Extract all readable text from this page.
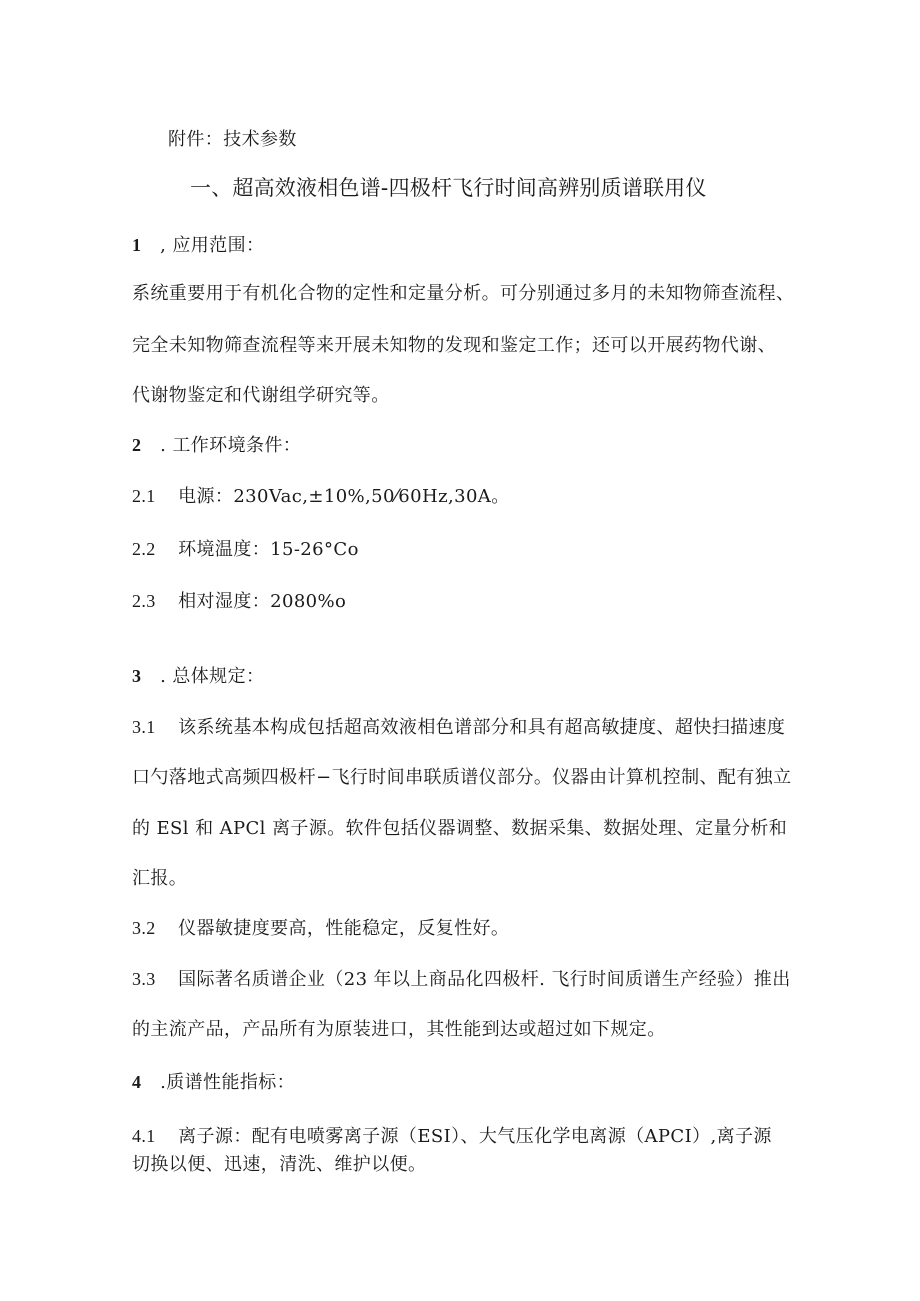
附件：技术参数
一、超高效液相色谱-四极杆飞行时间高辨别质谱联用仪
1 , 应用范围：
系统重要用于有机化合物的定性和定量分析。可分别通过多月的未知物筛查流程、
完全未知物筛查流程等来开展未知物的发现和鉴定工作；还可以开展药物代谢、
代谢物鉴定和代谢组学研究等。
2 . 工作环境条件：
2.1 电源：230Vac,±10%,50⁄60Hz,30A。
2.2 环境温度：15-26°Co
2.3 相对湿度：2080%o
3 . 总体规定：
3.1 该系统基本构成包括超高效液相色谱部分和具有超高敏捷度、超快扫描速度
口勺落地式高频四极杆−飞行时间串联质谱仪部分。仪器由计算机控制、配有独立
的 ESl 和 APCl 离子源。软件包括仪器调整、数据采集、数据处理、定量分析和
汇报。
3.2 仪器敏捷度要高，性能稳定，反复性好。
3.3 国际著名质谱企业（23 年以上商品化四极杆. 飞行时间质谱生产经验）推出
的主流产品，产品所有为原装进口，其性能到达或超过如下规定。
4 .质谱性能指标：
4.1 离子源：配有电喷雾离子源（ESI）、大气压化学电离源（APCI）,离子源
切换以便、迅速，清洗、维护以便。
